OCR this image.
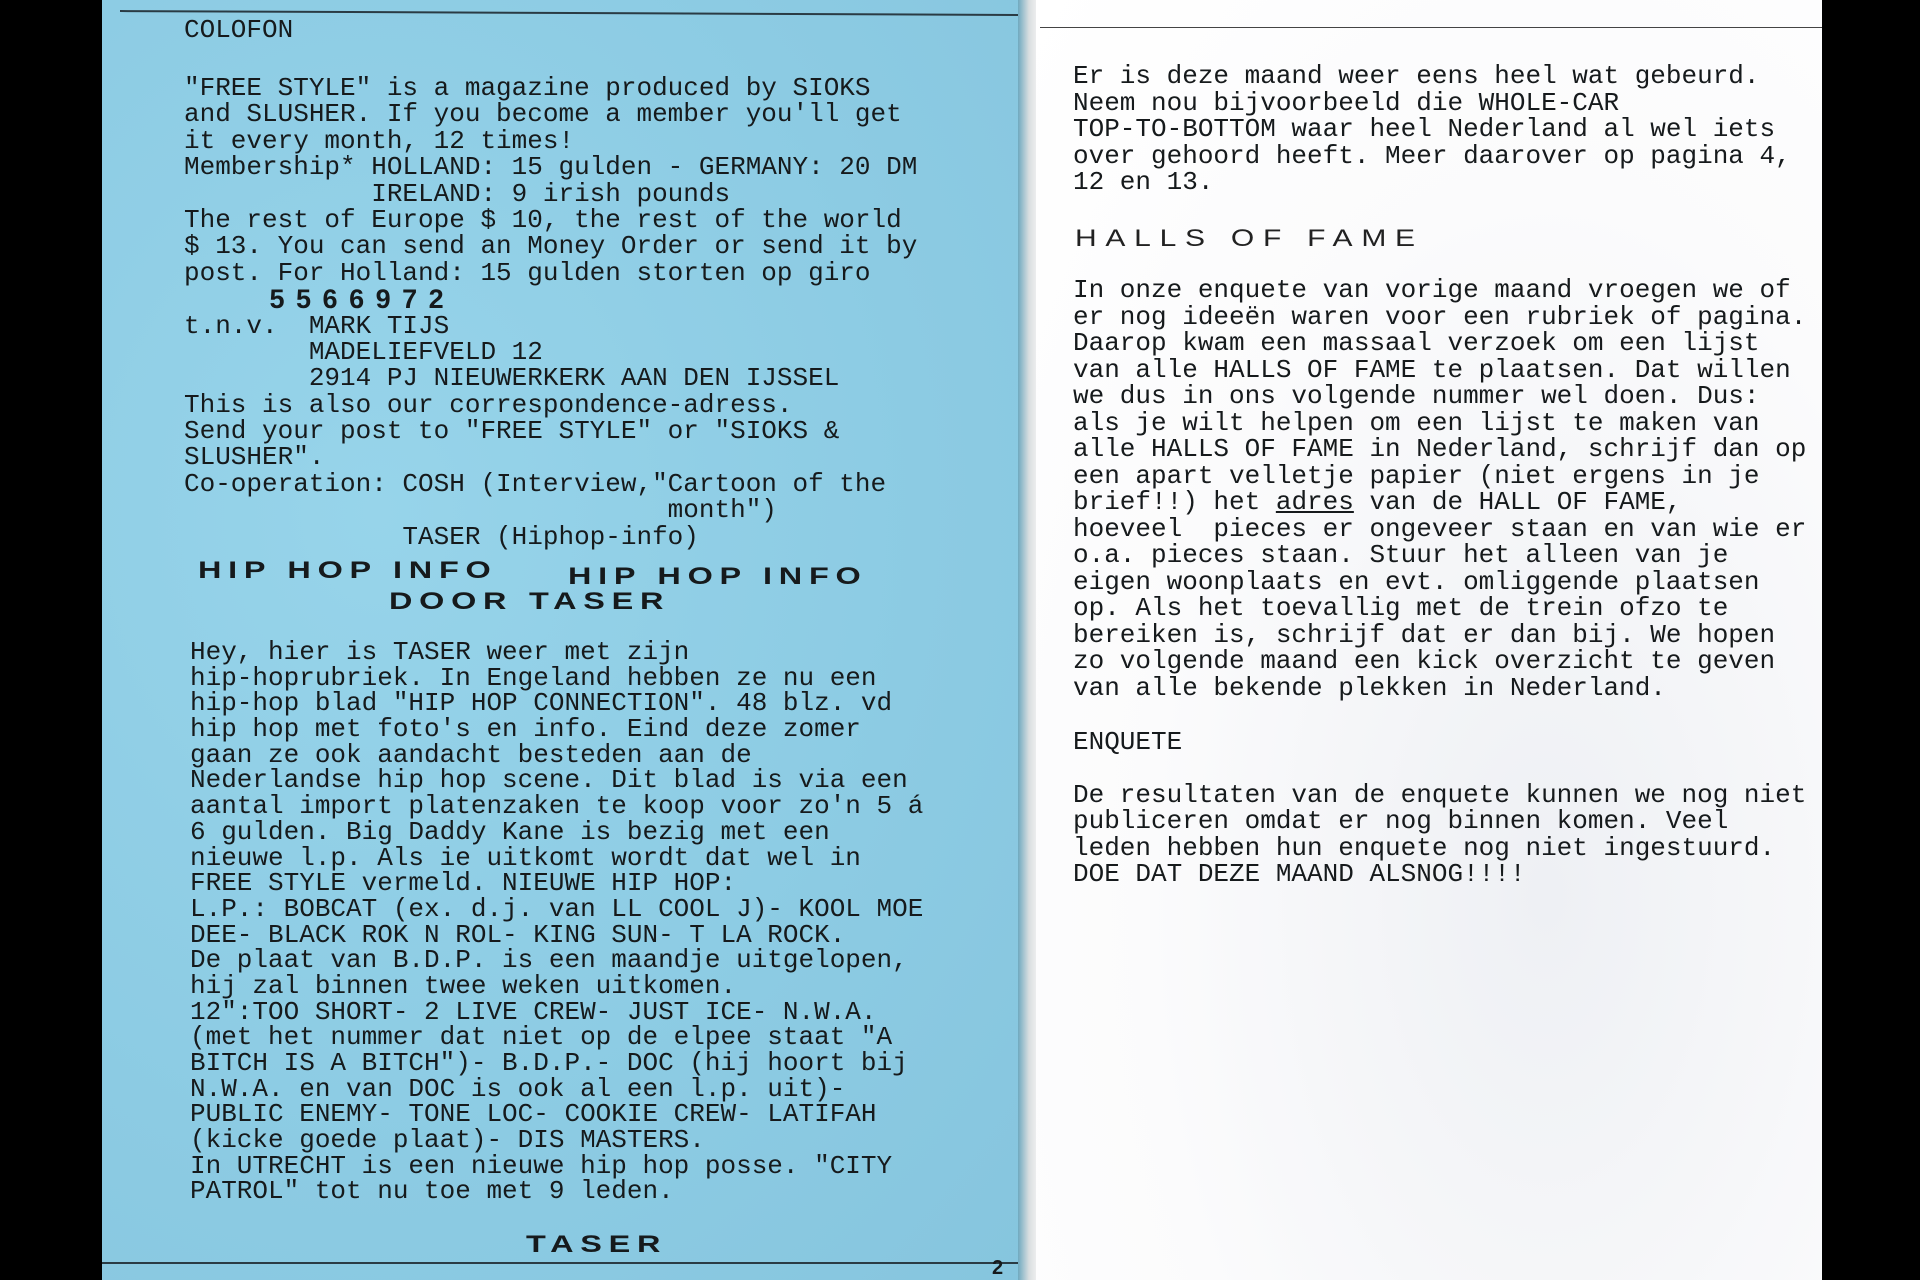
COLOFON
"FREE STYLE" is a magazine produced by SIOKS
and SLUSHER. If you become a member you'll get
it every month, 12 times!
Membership* HOLLAND: 15 gulden - GERMANY: 20 DM
IRELAND: 9 irish pounds
The rest of Europe $ 10, the rest of the world
$ 13. You can send an Money Order or send it by
post. For Holland: 15 gulden storten op giro
5 5 6 6 9 7 2
t.n.v.  MARK TIJS
MADELIEFVELD 12
2914 PJ NIEUWERKERK AAN DEN IJSSEL
This is also our correspondence-adress.
Send your post to "FREE STYLE" or "SIOKS &
SLUSHER".
Co-operation: COSH (Interview,"Cartoon of the
month")
TASER (Hiphop-info)
HIP HOP INFO	HIP HOP INFO
DOOR TASER
Hey, hier is TASER weer met zijn
hip-hoprubriek. In Engeland hebben ze nu een
hip-hop blad "HIP HOP CONNECTION". 48 blz. vd
hip hop met foto's en info. Eind deze zomer
gaan ze ook aandacht besteden aan de
Nederlandse hip hop scene. Dit blad is via een
aantal import platenzaken te koop voor zo'n 5 á
6 gulden. Big Daddy Kane is bezig met een
nieuwe l.p. Als ie uitkomt wordt dat wel in
FREE STYLE vermeld. NIEUWE HIP HOP:
L.P.: BOBCAT (ex. d.j. van LL COOL J)- KOOL MOE
DEE- BLACK ROK N ROL- KING SUN- T LA ROCK.
De plaat van B.D.P. is een maandje uitgelopen,
hij zal binnen twee weken uitkomen.
12":TOO SHORT- 2 LIVE CREW- JUST ICE- N.W.A.
(met het nummer dat niet op de elpee staat "A
BITCH IS A BITCH")- B.D.P.- DOC (hij hoort bij
N.W.A. en van DOC is ook al een l.p. uit)-
PUBLIC ENEMY- TONE LOC- COOKIE CREW- LATIFAH
(kicke goede plaat)- DIS MASTERS.
In UTRECHT is een nieuwe hip hop posse. "CITY
PATROL" tot nu toe met 9 leden.
TASER
2
Er is deze maand weer eens heel wat gebeurd.
Neem nou bijvoorbeeld die WHOLE-CAR
TOP-TO-BOTTOM waar heel Nederland al wel iets
over gehoord heeft. Meer daarover op pagina 4,
12 en 13.
HALLS OF FAME
In onze enquete van vorige maand vroegen we of
er nog ideeën waren voor een rubriek of pagina.
Daarop kwam een massaal verzoek om een lijst
van alle HALLS OF FAME te plaatsen. Dat willen
we dus in ons volgende nummer wel doen. Dus:
als je wilt helpen om een lijst te maken van
alle HALLS OF FAME in Nederland, schrijf dan op
een apart velletje papier (niet ergens in je
brief!!) het adres van de HALL OF FAME,
hoeveel  pieces er ongeveer staan en van wie er
o.a. pieces staan. Stuur het alleen van je
eigen woonplaats en evt. omliggende plaatsen
op. Als het toevallig met de trein ofzo te
bereiken is, schrijf dat er dan bij. We hopen
zo volgende maand een kick overzicht te geven
van alle bekende plekken in Nederland.
ENQUETE
De resultaten van de enquete kunnen we nog niet
publiceren omdat er nog binnen komen. Veel
leden hebben hun enquete nog niet ingestuurd.
DOE DAT DEZE MAAND ALSNOG!!!!
